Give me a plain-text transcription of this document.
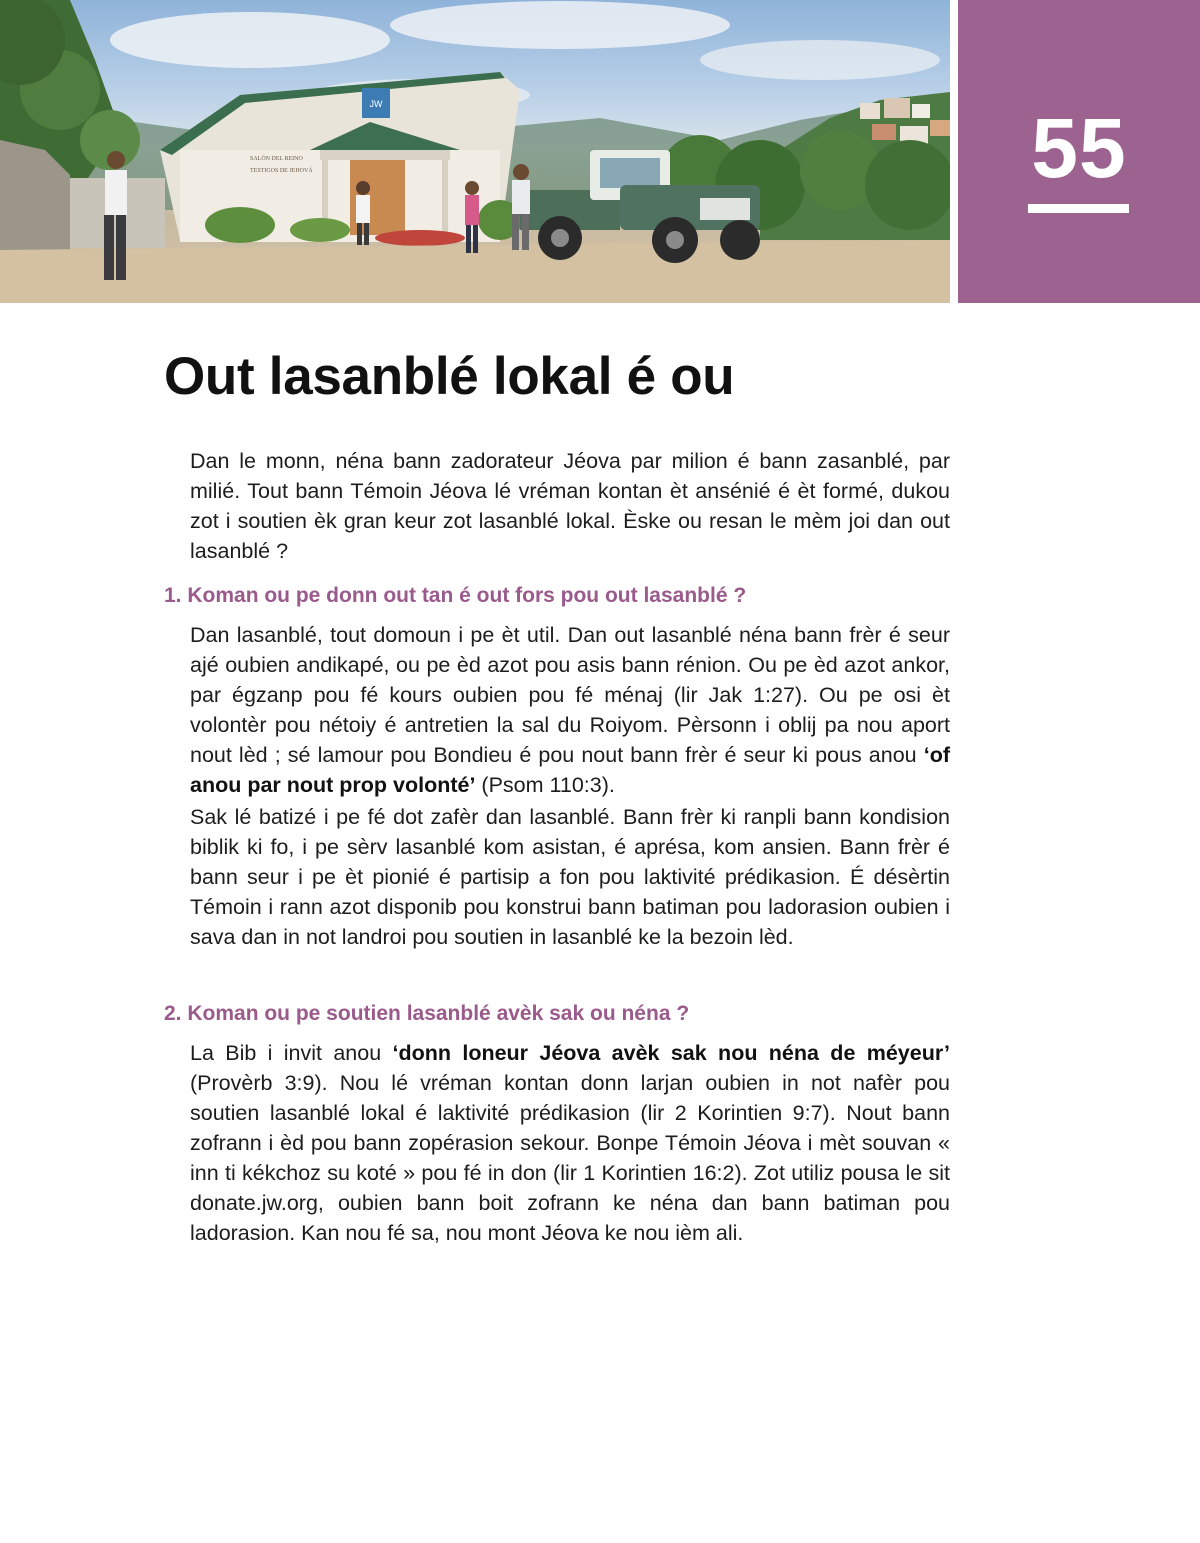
JW
SALÓN DEL REINO
TESTIGOS DE JEHOVÁ	55
Out lasanblé lokal é ou

Dan le monn, néna bann zadorateur Jéova par milion é bann zasanblé, par milié. Tout bann Témoin Jéova lé vréman kontan èt ansénié é èt formé, dukou zot i soutien èk gran keur zot lasanblé lokal. Èske ou resan le mèm joi dan out lasanblé ?

1. Koman ou pe donn out tan é out fors pou out lasanblé ?

Dan lasanblé, tout domoun i pe èt util. Dan out lasanblé néna bann frèr é seur ajé oubien andikapé, ou pe èd azot pou asis bann rénion. Ou pe èd azot ankor, par égzanp pou fé kours oubien pou fé ménaj (lir Jak 1:27). Ou pe osi èt volontèr pou nétoiy é antretien la sal du Roiyom. Pèrsonn i oblij pa nou aport nout lèd ; sé lamour pou Bondieu é pou nout bann frèr é seur ki pous anou ‘of anou par nout prop volonté’ (Psom 110:3).

Sak lé batizé i pe fé dot zafèr dan lasanblé. Bann frèr ki ranpli bann kondision biblik ki fo, i pe sèrv lasanblé kom asistan, é aprésa, kom ansien. Bann frèr é bann seur i pe èt pionié é partisip a fon pou laktivité prédikasion. É désèrtin Témoin i rann azot disponib pou konstrui bann batiman pou ladorasion oubien i sava dan in not landroi pou soutien in lasanblé ke la bezoin lèd.

2. Koman ou pe soutien lasanblé avèk sak ou néna ?

La Bib i invit anou ‘donn loneur Jéova avèk sak nou néna de méyeur’ (Provèrb 3:9). Nou lé vréman kontan donn larjan oubien in not nafèr pou soutien lasanblé lokal é laktivité prédikasion (lir 2 Korintien 9:7). Nout bann zofrann i èd pou bann zopérasion sekour. Bonpe Témoin Jéova i mèt souvan « inn ti kékchoz su koté » pou fé in don (lir 1 Korintien 16:2). Zot utiliz pousa le sit donate.jw.org, oubien bann boit zofrann ke néna dan bann batiman pou ladorasion. Kan nou fé sa, nou mont Jéova ke nou ièm ali.
